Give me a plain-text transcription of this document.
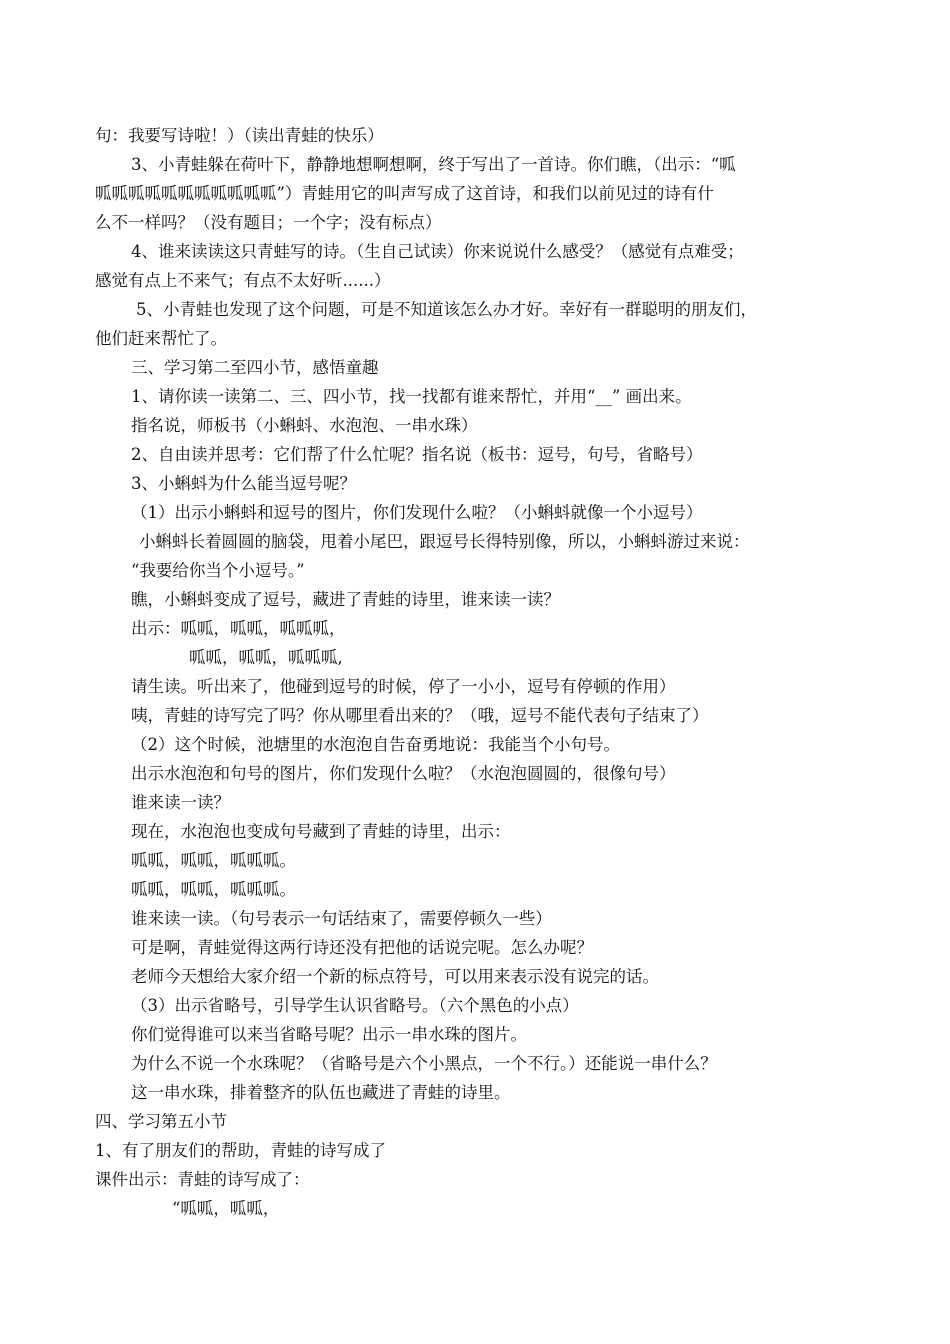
句：我要写诗啦！）（读出青蛙的快乐）
3、小青蛙躲在荷叶下，静静地想啊想啊，终于写出了一首诗。你们瞧，（出示：“呱
呱呱呱呱呱呱呱呱呱呱呱”）青蛙用它的叫声写成了这首诗，和我们以前见过的诗有什
么不一样吗？（没有题目；一个字；没有标点）
4、谁来读读这只青蛙写的诗。（生自己试读）你来说说什么感受？（感觉有点难受；
感觉有点上不来气；有点不太好听......）
5、小青蛙也发现了这个问题，可是不知道该怎么办才好。幸好有一群聪明的朋友们，
他们赶来帮忙了。
三、学习第二至四小节，感悟童趣
1、请你读一读第二、三、四小节，找一找都有谁来帮忙，并用“__” 画出来。
指名说，师板书（小蝌蚪、水泡泡、一串水珠）
2、自由读并思考：它们帮了什么忙呢？指名说（板书：逗号，句号，省略号）
3、小蝌蚪为什么能当逗号呢？
（1）出示小蝌蚪和逗号的图片，你们发现什么啦？（小蝌蚪就像一个小逗号）
小蝌蚪长着圆圆的脑袋，甩着小尾巴，跟逗号长得特别像，所以，小蝌蚪游过来说：
“我要给你当个小逗号。”
瞧，小蝌蚪变成了逗号，藏进了青蛙的诗里，谁来读一读？
出示：呱呱，呱呱，呱呱呱，
呱呱，呱呱，呱呱呱,
请生读。听出来了，他碰到逗号的时候，停了一小小，逗号有停顿的作用）
咦，青蛙的诗写完了吗？你从哪里看出来的？（哦，逗号不能代表句子结束了）
（2）这个时候，池塘里的水泡泡自告奋勇地说：我能当个小句号。
出示水泡泡和句号的图片，你们发现什么啦？（水泡泡圆圆的，很像句号）
谁来读一读？
现在，水泡泡也变成句号藏到了青蛙的诗里，出示：
呱呱，呱呱，呱呱呱。
呱呱，呱呱，呱呱呱。
谁来读一读。（句号表示一句话结束了，需要停顿久一些）
可是啊，青蛙觉得这两行诗还没有把他的话说完呢。怎么办呢？
老师今天想给大家介绍一个新的标点符号，可以用来表示没有说完的话。
（3）出示省略号，引导学生认识省略号。（六个黑色的小点）
你们觉得谁可以来当省略号呢？出示一串水珠的图片。
为什么不说一个水珠呢？（省略号是六个小黑点，一个不行。）还能说一串什么？
这一串水珠，排着整齐的队伍也藏进了青蛙的诗里。
四、学习第五小节
1、有了朋友们的帮助，青蛙的诗写成了
课件出示：青蛙的诗写成了：
“呱呱，呱呱，
